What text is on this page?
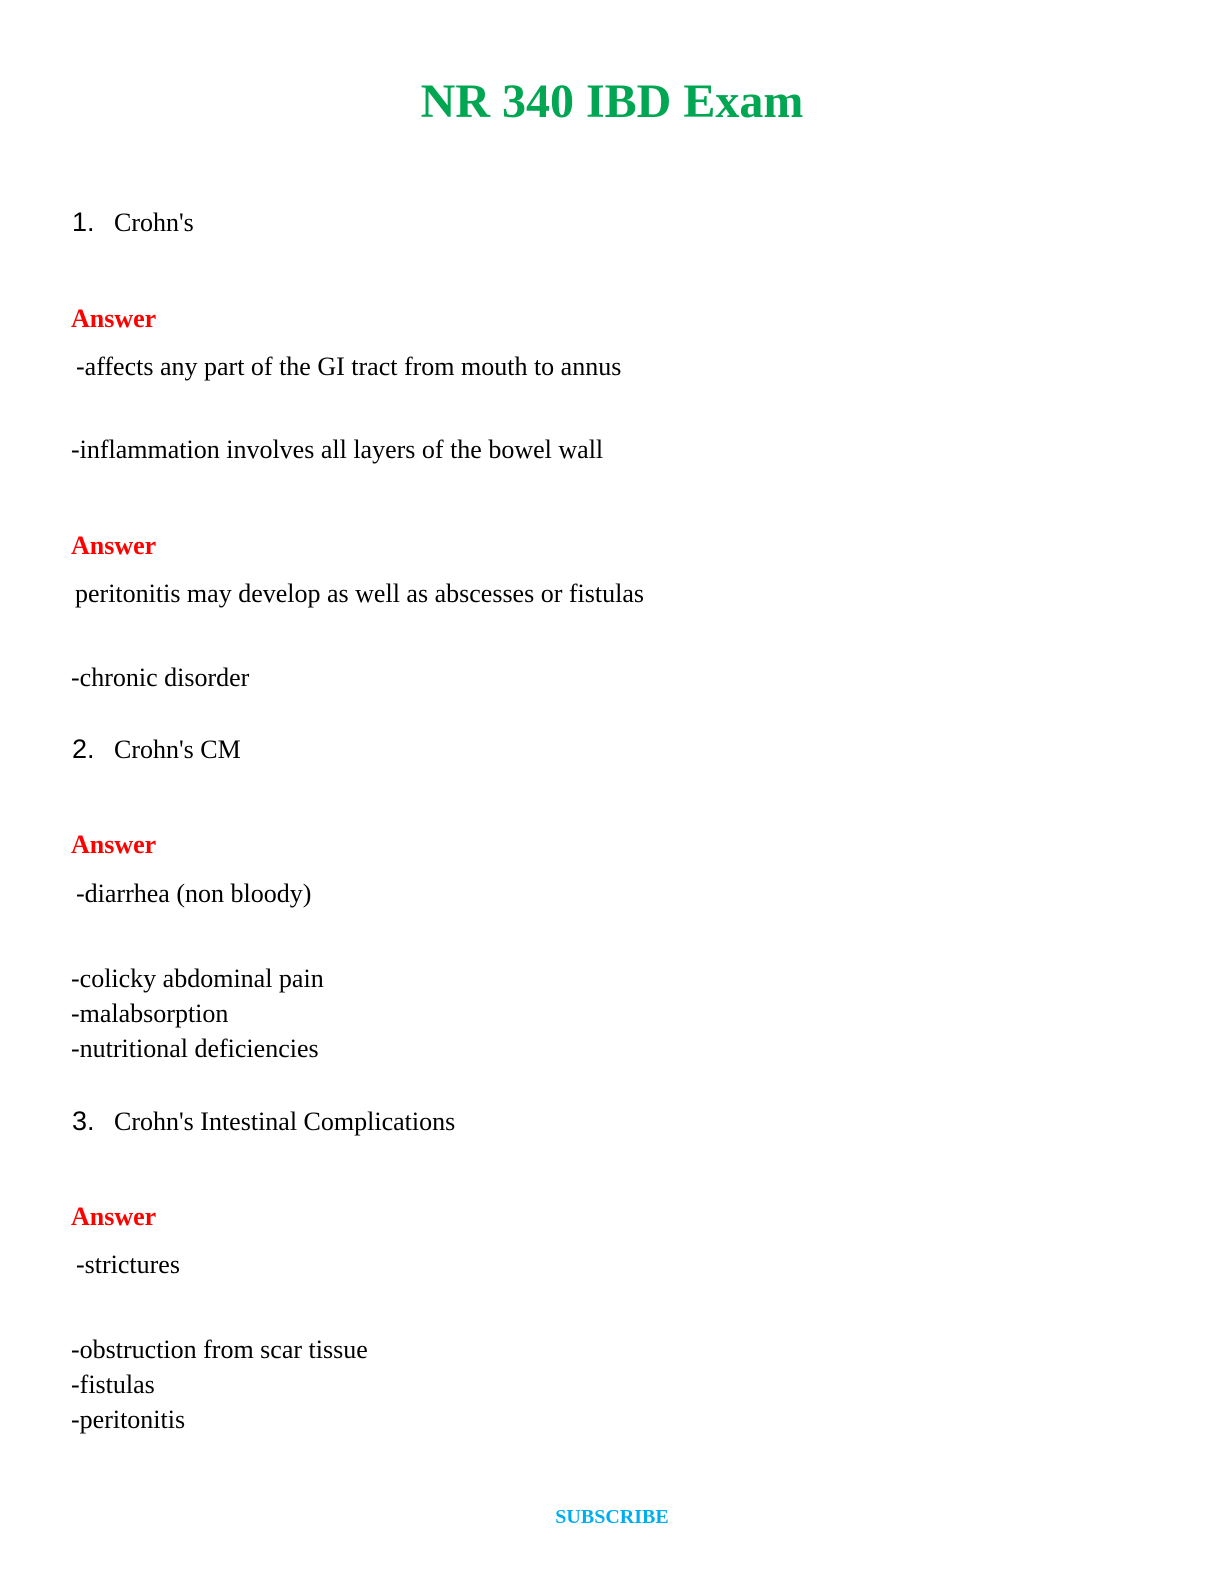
NR 340 IBD Exam
1. Crohn's
Answer
-affects any part of the GI tract from mouth to annus
-inflammation involves all layers of the bowel wall
Answer
peritonitis may develop as well as abscesses or fistulas
-chronic disorder
2. Crohn's CM
Answer
-diarrhea (non bloody)
-colicky abdominal pain
-malabsorption
-nutritional deficiencies
3. Crohn's Intestinal Complications
Answer
-strictures
-obstruction from scar tissue
-fistulas
-peritonitis
SUBSCRIBE
